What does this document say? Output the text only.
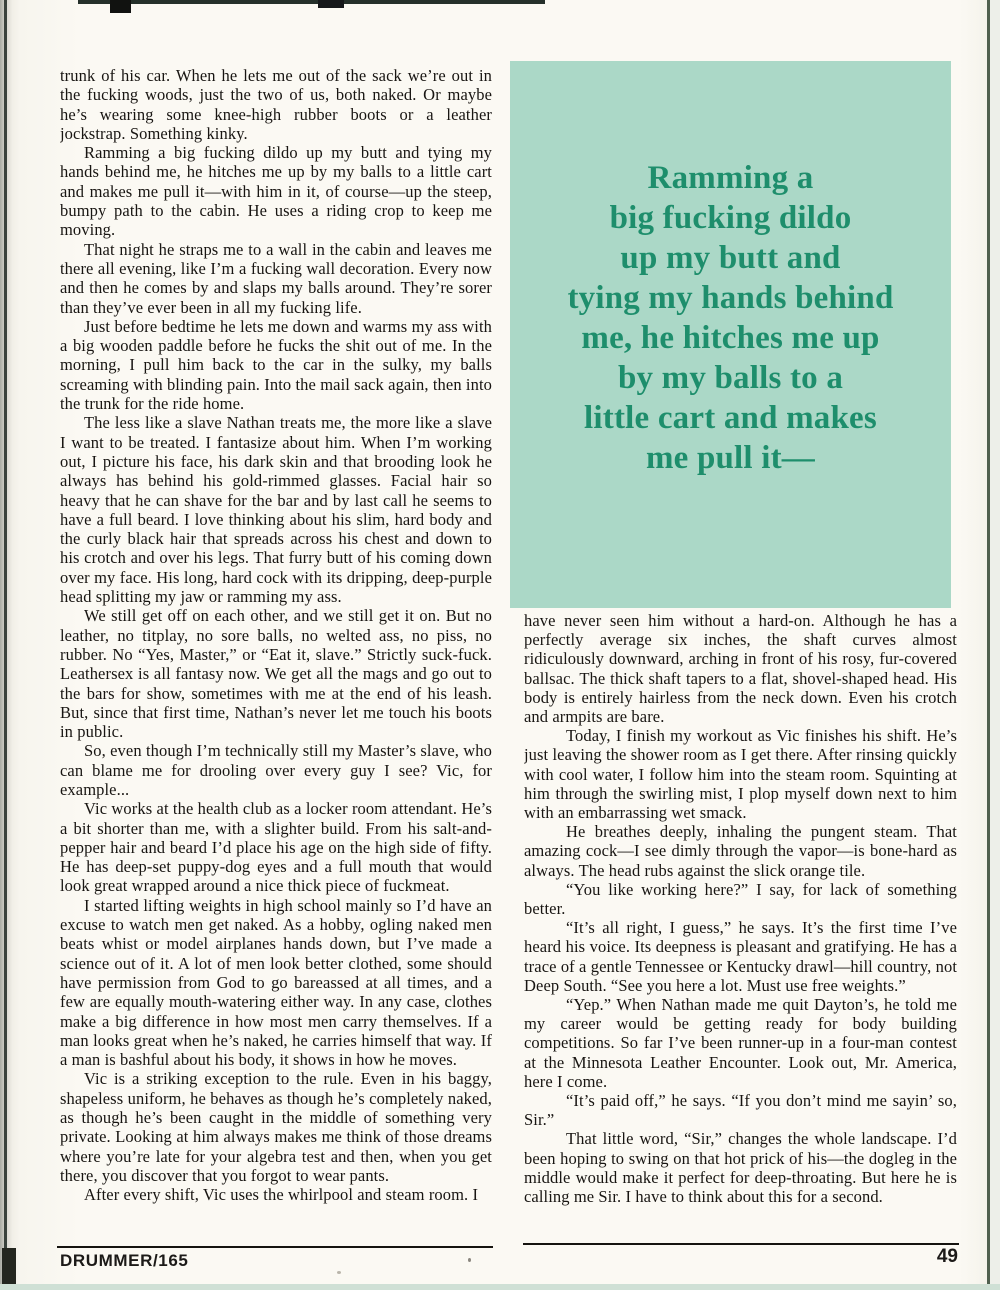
Ramming a
big fucking dildo
up my butt and
tying my hands behind
me, he hitches me up
by my balls to a
little cart and makes
me pull it—

trunk of his car. When he lets me out of the sack we’re out in the fucking woods, just the two of us, both naked. Or maybe he’s wearing some knee-high rubber boots or a leather jockstrap. Something kinky.

Ramming a big fucking dildo up my butt and tying my hands behind me, he hitches me up by my balls to a little cart and makes me pull it—with him in it, of course—up the steep, bumpy path to the cabin. He uses a riding crop to keep me moving.

That night he straps me to a wall in the cabin and leaves me there all evening, like I’m a fucking wall decoration. Every now and then he comes by and slaps my balls around. They’re sorer than they’ve ever been in all my fucking life.

Just before bedtime he lets me down and warms my ass with a big wooden paddle before he fucks the shit out of me. In the morning, I pull him back to the car in the sulky, my balls screaming with blinding pain. Into the mail sack again, then into the trunk for the ride home.

The less like a slave Nathan treats me, the more like a slave I want to be treated. I fantasize about him. When I’m working out, I picture his face, his dark skin and that brooding look he always has behind his gold-rimmed glasses. Facial hair so heavy that he can shave for the bar and by last call he seems to have a full beard. I love thinking about his slim, hard body and the curly black hair that spreads across his chest and down to his crotch and over his legs. That furry butt of his coming down over my face. His long, hard cock with its dripping, deep-purple head splitting my jaw or ramming my ass.

We still get off on each other, and we still get it on. But no leather, no titplay, no sore balls, no welted ass, no piss, no rubber. No “Yes, Master,” or “Eat it, slave.” Strictly suck-fuck. Leathersex is all fantasy now. We get all the mags and go out to the bars for show, sometimes with me at the end of his leash. But, since that first time, Nathan’s never let me touch his boots in public.

So, even though I’m technically still my Master’s slave, who can blame me for drooling over every guy I see? Vic, for example...

Vic works at the health club as a locker room attendant. He’s a bit shorter than me, with a slighter build. From his salt-and-pepper hair and beard I’d place his age on the high side of fifty. He has deep-set puppy-dog eyes and a full mouth that would look great wrapped around a nice thick piece of fuckmeat.

I started lifting weights in high school mainly so I’d have an excuse to watch men get naked. As a hobby, ogling naked men beats whist or model airplanes hands down, but I’ve made a science out of it. A lot of men look better clothed, some should have permission from God to go bareassed at all times, and a few are equally mouth-watering either way. In any case, clothes make a big difference in how most men carry themselves. If a man looks great when he’s naked, he carries himself that way. If a man is bashful about his body, it shows in how he moves.

Vic is a striking exception to the rule. Even in his baggy, shapeless uniform, he behaves as though he’s completely naked, as though he’s been caught in the middle of something very private. Looking at him always makes me think of those dreams where you’re late for your algebra test and then, when you get there, you discover that you forgot to wear pants.

After every shift, Vic uses the whirlpool and steam room. I

have never seen him without a hard-on. Although he has a perfectly average six inches, the shaft curves almost ridiculously downward, arching in front of his rosy, fur-covered ballsac. The thick shaft tapers to a flat, shovel-shaped head. His body is entirely hairless from the neck down. Even his crotch and armpits are bare.

Today, I finish my workout as Vic finishes his shift. He’s just leaving the shower room as I get there. After rinsing quickly with cool water, I follow him into the steam room. Squinting at him through the swirling mist, I plop myself down next to him with an embarrassing wet smack.

He breathes deeply, inhaling the pungent steam. That amazing cock—I see dimly through the vapor—is bone-hard as always. The head rubs against the slick orange tile.

“You like working here?” I say, for lack of something better.

“It’s all right, I guess,” he says. It’s the first time I’ve heard his voice. Its deepness is pleasant and gratifying. He has a trace of a gentle Tennessee or Kentucky drawl—hill country, not Deep South. “See you here a lot. Must use free weights.”

“Yep.” When Nathan made me quit Dayton’s, he told me my career would be getting ready for body building competitions. So far I’ve been runner-up in a four-man contest at the Minnesota Leather Encounter. Look out, Mr. America, here I come.

“It’s paid off,” he says. “If you don’t mind me sayin’ so, Sir.”

That little word, “Sir,” changes the whole landscape. I’d been hoping to swing on that hot prick of his—the dogleg in the middle would make it perfect for deep-throating. But here he is calling me Sir. I have to think about this for a second.

DRUMMER/165	49
